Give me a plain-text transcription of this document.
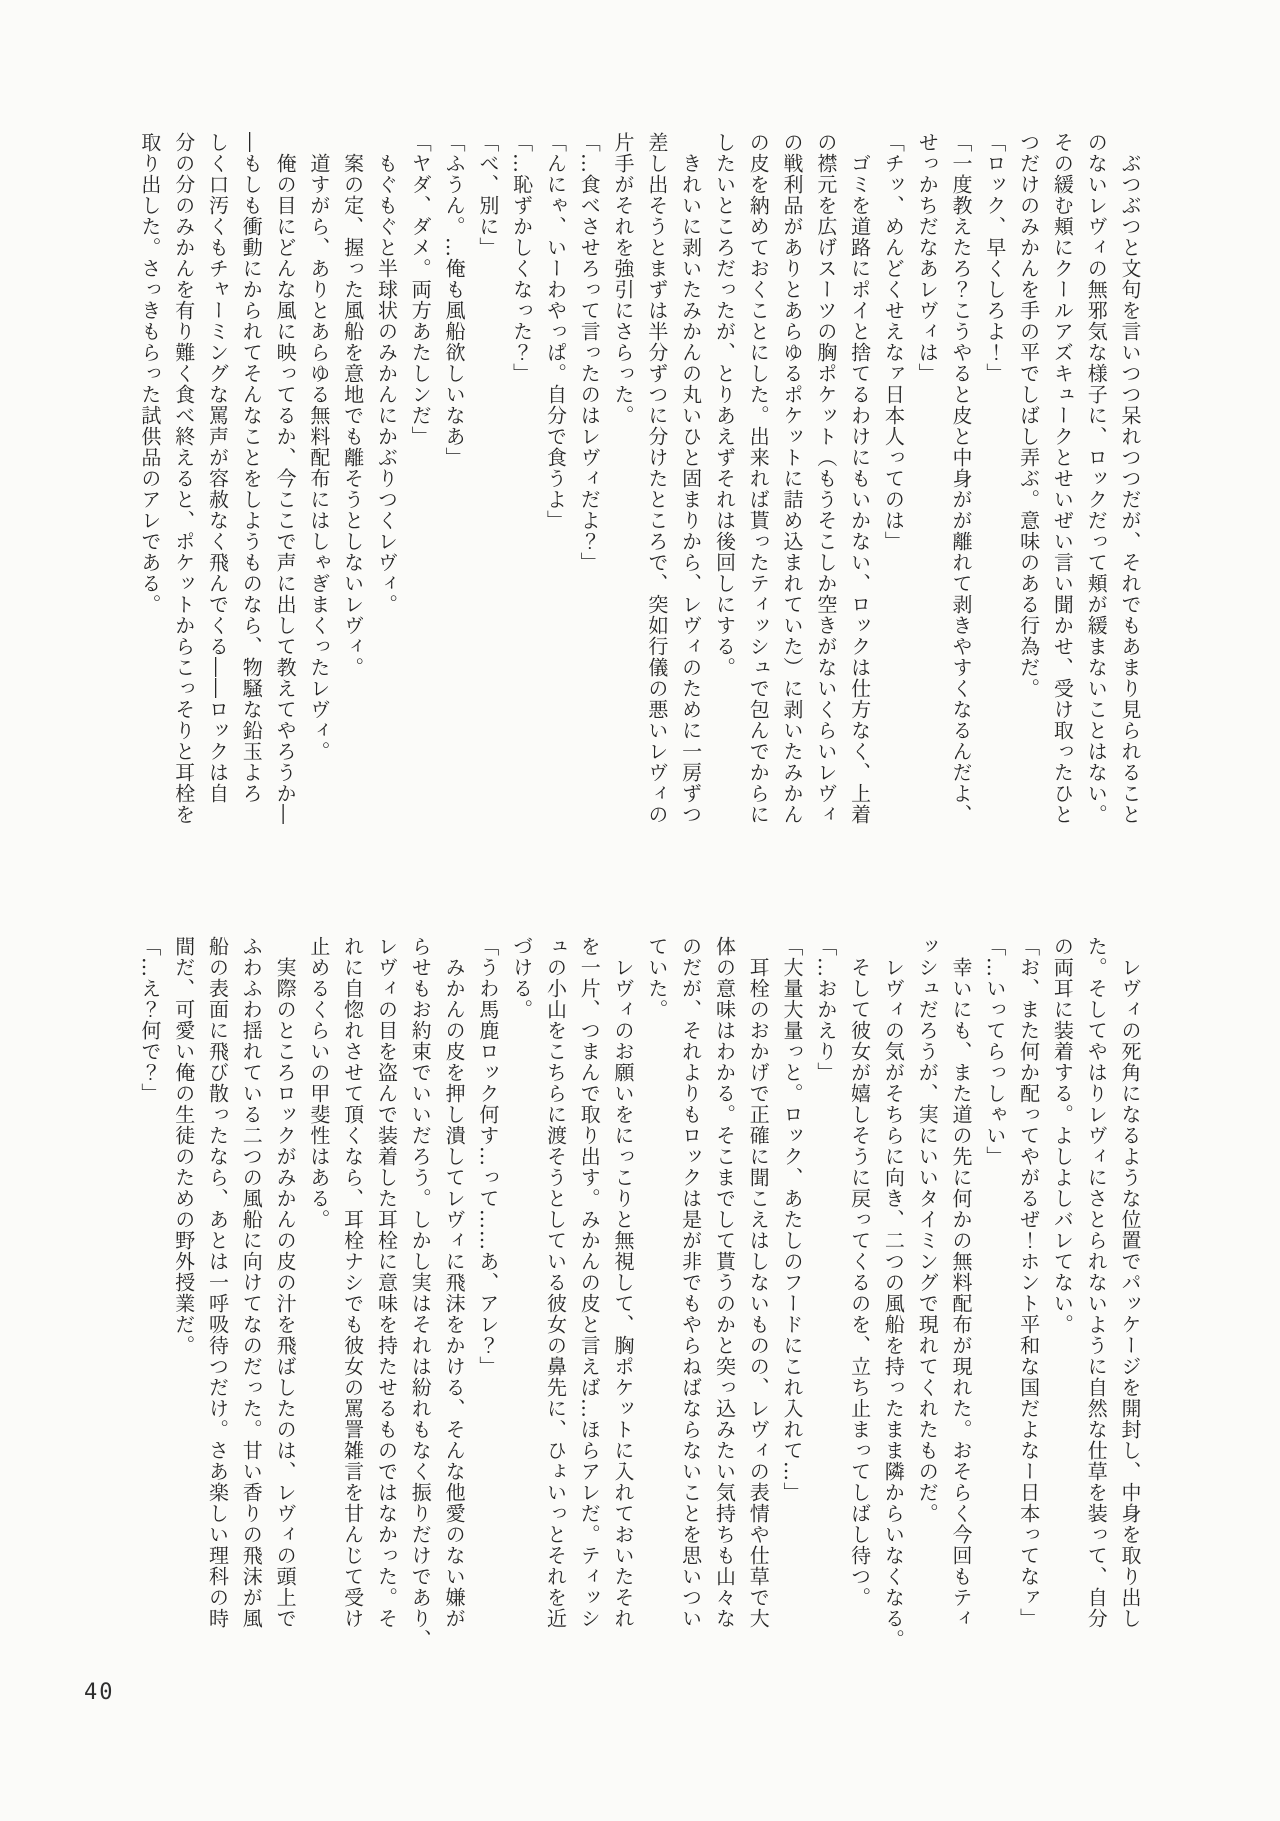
　ぶつぶつと文句を言いつつ呆れつつだが、それでもあまり見られること

のないレヴィの無邪気な様子に、ロックだって頬が緩まないことはない。

その緩む頬にクールアズキュークとせいぜい言い聞かせ、受け取ったひと

つだけのみかんを手の平でしばし弄ぶ。意味のある行為だ。

「ロック、早くしろよ！」

「一度教えたろ？こうやると皮と中身がが離れて剥きやすくなるんだよ、

せっかちだなあレヴィは」

「チッ、めんどくせえなァ日本人ってのは」

　ゴミを道路にポイと捨てるわけにもいかない、ロックは仕方なく、上着

の襟元を広げスーツの胸ポケット（もうそこしか空きがないくらいレヴィ

の戦利品がありとあらゆるポケットに詰め込まれていた）に剥いたみかん

の皮を納めておくことにした。出来れば貰ったティッシュで包んでからに

したいところだったが、とりあえずそれは後回しにする。

　きれいに剥いたみかんの丸いひと固まりから、レヴィのために一房ずつ

差し出そうとまずは半分ずつに分けたところで、突如行儀の悪いレヴィの

片手がそれを強引にさらった。

「…食べさせろって言ったのはレヴィだよ？」

「んにゃ、いーわやっぱ。自分で食うよ」

「…恥ずかしくなった？」

「べ、別に」

「ふうん。…俺も風船欲しいなあ」

「ヤダ、ダメ。両方あたしンだ」

　もぐもぐと半球状のみかんにかぶりつくレヴィ。

　案の定、握った風船を意地でも離そうとしないレヴィ。

　道すがら、ありとあらゆる無料配布にはしゃぎまくったレヴィ。

　俺の目にどんな風に映ってるか、今ここで声に出して教えてやろうか―

―もしも衝動にかられてそんなことをしようものなら、物騒な鉛玉よろ

しく口汚くもチャーミングな罵声が容赦なく飛んでくる――ロックは自

分の分のみかんを有り難く食べ終えると、ポケットからこっそりと耳栓を

取り出した。さっきもらった試供品のアレである。

　レヴィの死角になるような位置でパッケージを開封し、中身を取り出し

た。そしてやはりレヴィにさとられないように自然な仕草を装って、自分

の両耳に装着する。よしよしバレてない。

「お、また何か配ってやがるぜ！ホント平和な国だよなー日本ってなァ」

「…いってらっしゃい」

　幸いにも、また道の先に何かの無料配布が現れた。おそらく今回もティ

ッシュだろうが、実にいいタイミングで現れてくれたものだ。

　レヴィの気がそちらに向き、二つの風船を持ったまま隣からいなくなる。

　そして彼女が嬉しそうに戻ってくるのを、立ち止まってしばし待つ。

「…おかえり」

「大量大量っと。ロック、あたしのフードにこれ入れて…」

　耳栓のおかげで正確に聞こえはしないものの、レヴィの表情や仕草で大

体の意味はわかる。そこまでして貰うのかと突っ込みたい気持ちも山々な

のだが、それよりもロックは是が非でもやらねばならないことを思いつい

ていた。

　レヴィのお願いをにっこりと無視して、胸ポケットに入れておいたそれ

を一片、つまんで取り出す。みかんの皮と言えば…ほらアレだ。ティッシ

ュの小山をこちらに渡そうとしている彼女の鼻先に、ひょいっとそれを近

づける。

「うわ馬鹿ロック何す…って……あ、アレ？」

　みかんの皮を押し潰してレヴィに飛沫をかける、そんな他愛のない嫌が

らせもお約束でいいだろう。しかし実はそれは紛れもなく振りだけであり、

レヴィの目を盗んで装着した耳栓に意味を持たせるものではなかった。そ

れに自惚れさせて頂くなら、耳栓ナシでも彼女の罵詈雑言を甘んじて受け

止めるくらいの甲斐性はある。

　実際のところロックがみかんの皮の汁を飛ばしたのは、レヴィの頭上で

ふわふわ揺れている二つの風船に向けてなのだった。甘い香りの飛沫が風

船の表面に飛び散ったなら、あとは一呼吸待つだけ。さあ楽しい理科の時

間だ、可愛い俺の生徒のための野外授業だ。

「…え？何で？」

40
